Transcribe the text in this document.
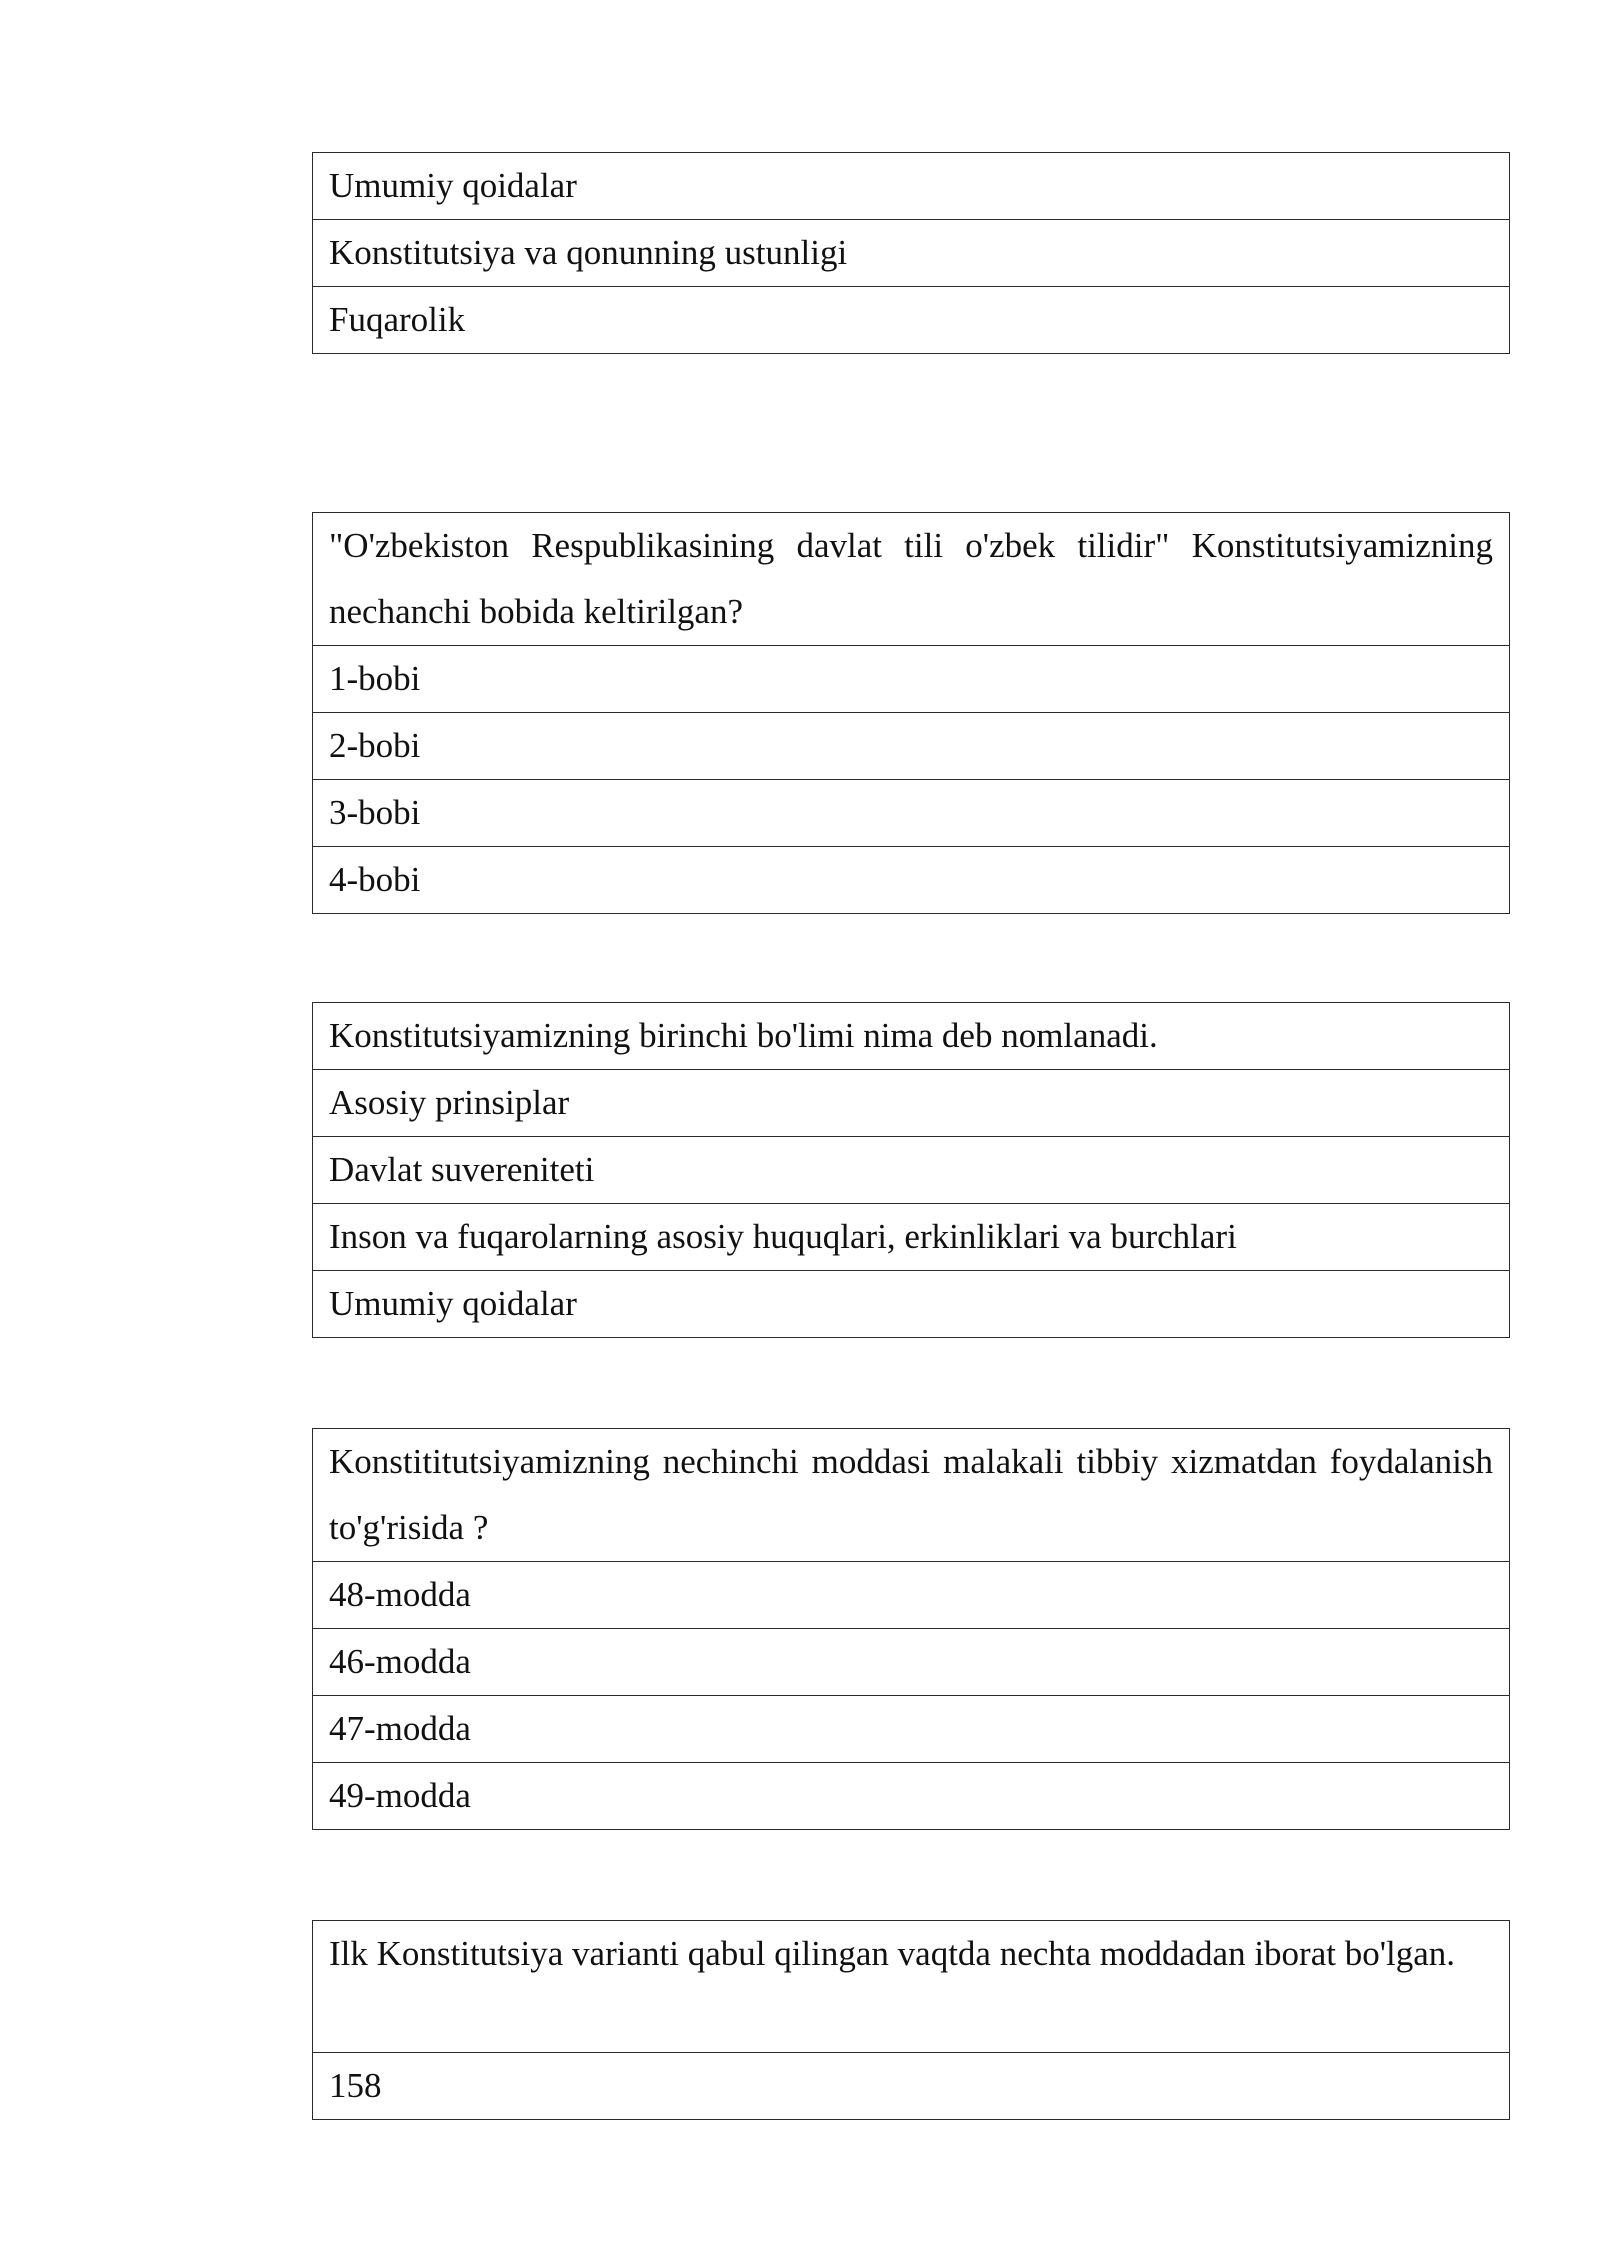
Umumiy qoidalar
Konstitutsiya va qonunning ustunligi
Fuqarolik
"O'zbekiston Respublikasining davlat tili o'zbek tilidir" Konstitutsiyamizning nechanchi bobida keltirilgan?
1-bobi
2-bobi
3-bobi
4-bobi
Konstitutsiyamizning birinchi bo'limi nima deb nomlanadi.
Asosiy prinsiplar
Davlat suvereniteti
Inson va fuqarolarning asosiy huquqlari, erkinliklari va burchlari
Umumiy qoidalar
Konstititutsiyamizning nechinchi moddasi malakali tibbiy xizmatdan foydalanish to'g'risida ?
48-modda
46-modda
47-modda
49-modda
Ilk Konstitutsiya varianti qabul qilingan vaqtda nechta moddadan iborat bo'lgan.
158
